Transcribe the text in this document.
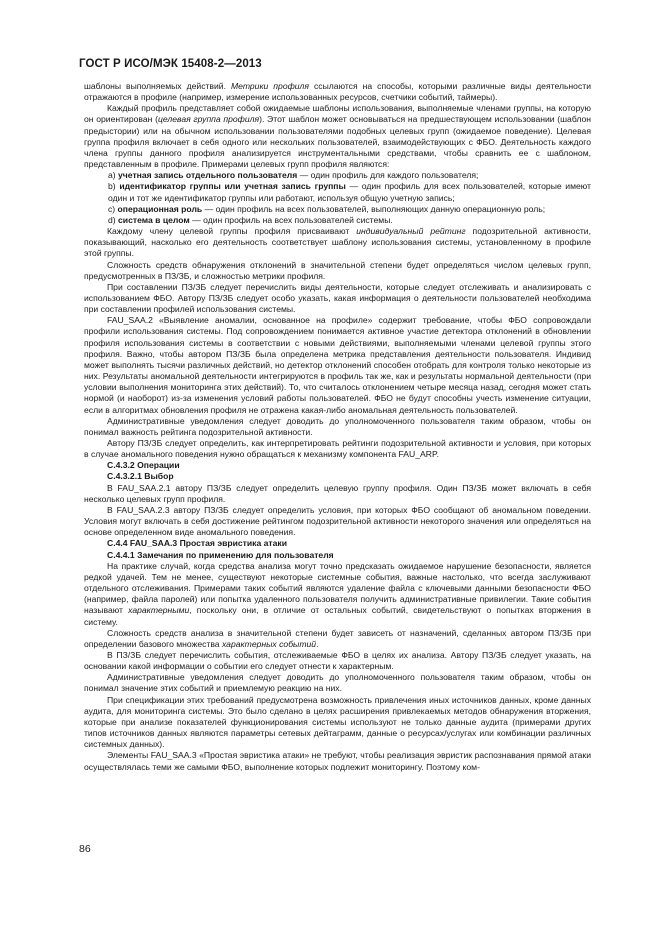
ГОСТ Р ИСО/МЭК 15408-2—2013

шаблоны выполняемых действий. Метрики профиля ссылаются на способы, которыми различные виды деятельности отражаются в профиле (например, измерение использованных ресурсов, счетчики событий, таймеры).

Каждый профиль представляет собой ожидаемые шаблоны использования, выполняемые членами группы, на которую он ориентирован (целевая группа профиля). Этот шаблон может основываться на предшествующем использовании (шаблон предыстории) или на обычном использовании пользователями подобных целевых групп (ожидаемое поведение). Целевая группа профиля включает в себя одного или нескольких пользователей, взаимодействующих с ФБО. Деятельность каждого члена группы данного профиля анализируется инструментальными средствами, чтобы сравнить ее с шаблоном, представленным в профиле. Примерами целевых групп профиля являются:

а) учетная запись отдельного пользователя — один профиль для каждого пользователя;

b) идентификатор группы или учетная запись группы — один профиль для всех пользователей, которые имеют один и тот же идентификатор группы или работают, используя общую учетную запись;

c) операционная роль — один профиль на всех пользователей, выполняющих данную операционную роль;

d) система в целом — один профиль на всех пользователей системы.

Каждому члену целевой группы профиля присваивают индивидуальный рейтинг подозрительной активности, показывающий, насколько его деятельность соответствует шаблону использования системы, установленному в профиле этой группы.

Сложность средств обнаружения отклонений в значительной степени будет определяться числом целевых групп, предусмотренных в ПЗ/ЗБ, и сложностью метрики профиля.

При составлении ПЗ/ЗБ следует перечислить виды деятельности, которые следует отслеживать и анализировать с использованием ФБО. Автору ПЗ/ЗБ следует особо указать, какая информация о деятельности пользователей необходима при составлении профилей использования системы.

FAU_SAA.2 «Выявление аномалии, основанное на профиле» содержит требование, чтобы ФБО сопровождали профили использования системы. Под сопровождением понимается активное участие детектора отклонений в обновлении профиля использования системы в соответствии с новыми действиями, выполняемыми членами целевой группы этого профиля. Важно, чтобы автором ПЗ/ЗБ была определена метрика представления деятельности пользователя. Индивид может выполнять тысячи различных действий, но детектор отклонений способен отобрать для контроля только некоторые из них. Результаты аномальной деятельности интегрируются в профиль так же, как и результаты нормальной деятельности (при условии выполнения мониторинга этих действий). То, что считалось отклонением четыре месяца назад, сегодня может стать нормой (и наоборот) из-за изменения условий работы пользователей. ФБО не будут способны учесть изменение ситуации, если в алгоритмах обновления профиля не отражена какая-либо аномальная деятельность пользователей.

Административные уведомления следует доводить до уполномоченного пользователя таким образом, чтобы он понимал важность рейтинга подозрительной активности.

Автору ПЗ/ЗБ следует определить, как интерпретировать рейтинги подозрительной активности и условия, при которых в случае аномального поведения нужно обращаться к механизму компонента FAU_ARP.

С.4.3.2 Операции

С.4.3.2.1 Выбор

В FAU_SAA.2.1 автору ПЗ/ЗБ следует определить целевую группу профиля. Один ПЗ/ЗБ может включать в себя несколько целевых групп профиля.

В FAU_SAA.2.3 автору ПЗ/ЗБ следует определить условия, при которых ФБО сообщают об аномальном поведении. Условия могут включать в себя достижение рейтингом подозрительной активности некоторого значения или определяться на основе определенном виде аномального поведения.

С.4.4 FAU_SAA.3 Простая эвристика атаки

С.4.4.1 Замечания по применению для пользователя

На практике случай, когда средства анализа могут точно предсказать ожидаемое нарушение безопасности, является редкой удачей. Тем не менее, существуют некоторые системные события, важные настолько, что всегда заслуживают отдельного отслеживания. Примерами таких событий являются удаление файла с ключевыми данными безопасности ФБО (например, файла паролей) или попытка удаленного пользователя получить административные привилегии. Такие события называют характерными, поскольку они, в отличие от остальных событий, свидетельствуют о попытках вторжения в систему.

Сложность средств анализа в значительной степени будет зависеть от назначений, сделанных автором ПЗ/ЗБ при определении базового множества характерных событий.

В ПЗ/ЗБ следует перечислить события, отслеживаемые ФБО в целях их анализа. Автору ПЗ/ЗБ следует указать, на основании какой информации о событии его следует отнести к характерным.

Административные уведомления следует доводить до уполномоченного пользователя таким образом, чтобы он понимал значение этих событий и приемлемую реакцию на них.

При спецификации этих требований предусмотрена возможность привлечения иных источников данных, кроме данных аудита, для мониторинга системы. Это было сделано в целях расширения привлекаемых методов обнаружения вторжения, которые при анализе показателей функционирования системы используют не только данные аудита (примерами других типов источников данных являются параметры сетевых дейтаграмм, данные о ресурсах/услугах или комбинации различных системных данных).

Элементы FAU_SAA.3 «Простая эвристика атаки» не требуют, чтобы реализация эвристик распознавания прямой атаки осуществлялась теми же самыми ФБО, выполнение которых подлежит мониторингу. Поэтому ком-

86
